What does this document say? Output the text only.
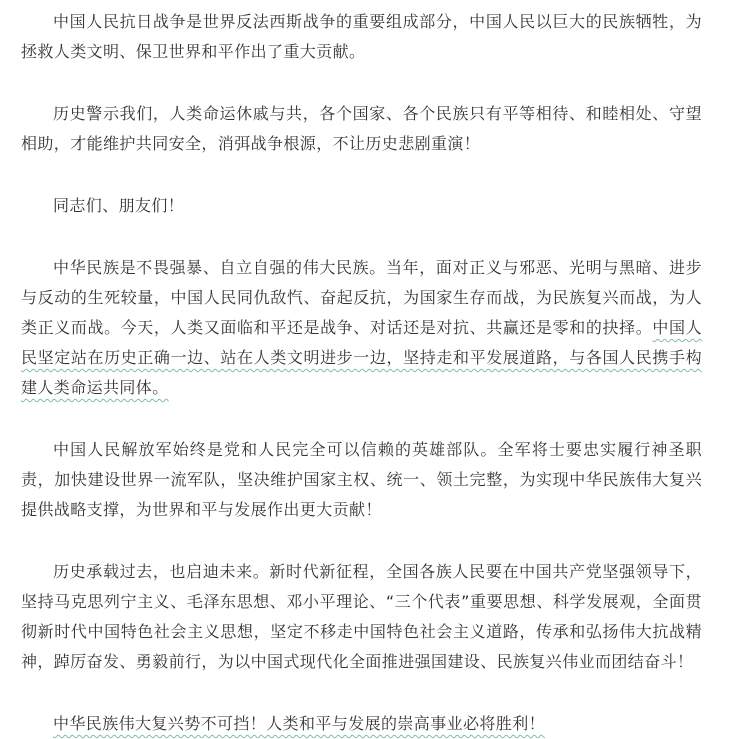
中国人民抗日战争是世界反法西斯战争的重要组成部分，中国人民以巨大的民族牺牲，为拯救人类文明、保卫世界和平作出了重大贡献。

历史警示我们，人类命运休戚与共，各个国家、各个民族只有平等相待、和睦相处、守望相助，才能维护共同安全，消弭战争根源，不让历史悲剧重演！

同志们、朋友们！

中华民族是不畏强暴、自立自强的伟大民族。当年，面对正义与邪恶、光明与黑暗、进步与反动的生死较量，中国人民同仇敌忾、奋起反抗，为国家生存而战，为民族复兴而战，为人类正义而战。今天，人类又面临和平还是战争、对话还是对抗、共赢还是零和的抉择。中国人民坚定站在历史正确一边、站在人类文明进步一边，坚持走和平发展道路，与各国人民携手构建人类命运共同体。

中国人民解放军始终是党和人民完全可以信赖的英雄部队。全军将士要忠实履行神圣职责，加快建设世界一流军队，坚决维护国家主权、统一、领土完整，为实现中华民族伟大复兴提供战略支撑，为世界和平与发展作出更大贡献！

历史承载过去，也启迪未来。新时代新征程，全国各族人民要在中国共产党坚强领导下，坚持马克思列宁主义、毛泽东思想、邓小平理论、“三个代表”重要思想、科学发展观，全面贯彻新时代中国特色社会主义思想，坚定不移走中国特色社会主义道路，传承和弘扬伟大抗战精神，踔厉奋发、勇毅前行，为以中国式现代化全面推进强国建设、民族复兴伟业而团结奋斗！

中华民族伟大复兴势不可挡！人类和平与发展的崇高事业必将胜利！
